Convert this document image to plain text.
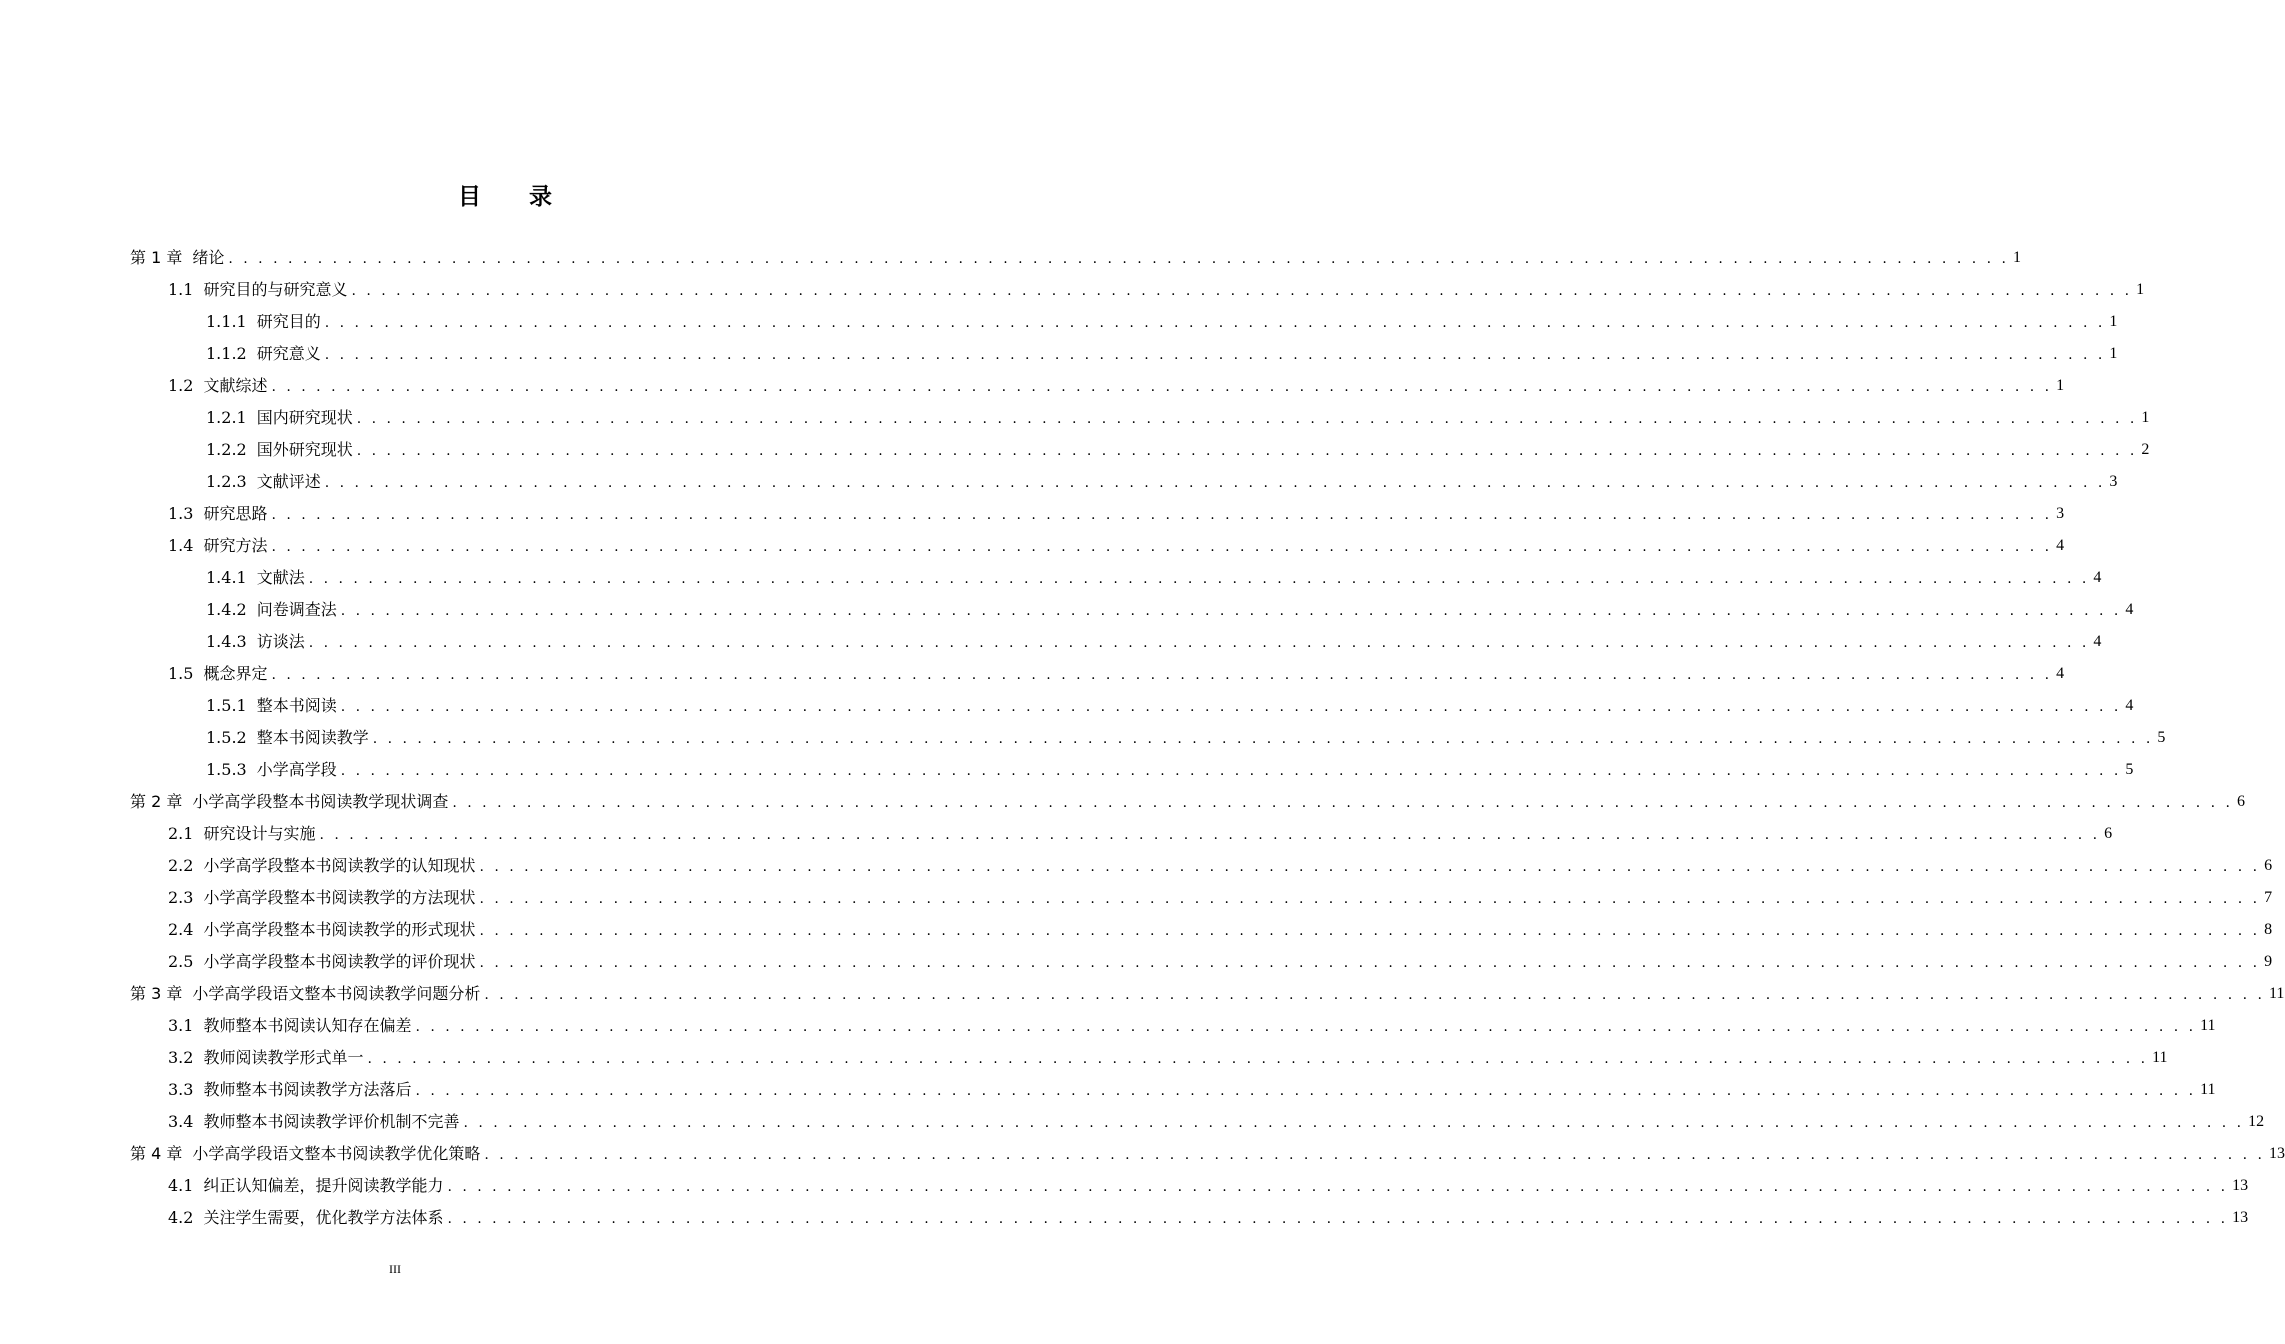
目 录
第 1 章 绪论 . . . . . . . . . . . . . . . . . . . . . . . . . . . . . . . . . . . . . . . . . . . . . . . . . . . . . . . . . . . . . . . . . . . . . . . . . . . . . . . . . . . . . . . . . . . . . . . . . . . . . . . . . . . . . . . . . . . . . . . . 1
1.1 研究目的与研究意义 . . . . . . . . . . . . . . . . . . . . . . . . . . . . . . . . . . . . . . . . . . . . . . . . . . . . . . . . . . . . . . . . . . . . . . . . . . . . . . . . . . . . . . . . . . . . . . . . . . . . . . . . . . . . . . . . . . . . . . . . 1
1.1.1 研究目的 . . . . . . . . . . . . . . . . . . . . . . . . . . . . . . . . . . . . . . . . . . . . . . . . . . . . . . . . . . . . . . . . . . . . . . . . . . . . . . . . . . . . . . . . . . . . . . . . . . . . . . . . . . . . . . . . . . . . . . . . 1
1.1.2 研究意义 . . . . . . . . . . . . . . . . . . . . . . . . . . . . . . . . . . . . . . . . . . . . . . . . . . . . . . . . . . . . . . . . . . . . . . . . . . . . . . . . . . . . . . . . . . . . . . . . . . . . . . . . . . . . . . . . . . . . . . . . 1
1.2 文献综述 . . . . . . . . . . . . . . . . . . . . . . . . . . . . . . . . . . . . . . . . . . . . . . . . . . . . . . . . . . . . . . . . . . . . . . . . . . . . . . . . . . . . . . . . . . . . . . . . . . . . . . . . . . . . . . . . . . . . . . . . 1
1.2.1 国内研究现状 . . . . . . . . . . . . . . . . . . . . . . . . . . . . . . . . . . . . . . . . . . . . . . . . . . . . . . . . . . . . . . . . . . . . . . . . . . . . . . . . . . . . . . . . . . . . . . . . . . . . . . . . . . . . . . . . . . . . . . . . 1
1.2.2 国外研究现状 . . . . . . . . . . . . . . . . . . . . . . . . . . . . . . . . . . . . . . . . . . . . . . . . . . . . . . . . . . . . . . . . . . . . . . . . . . . . . . . . . . . . . . . . . . . . . . . . . . . . . . . . . . . . . . . . . . . . . . . . 2
1.2.3 文献评述 . . . . . . . . . . . . . . . . . . . . . . . . . . . . . . . . . . . . . . . . . . . . . . . . . . . . . . . . . . . . . . . . . . . . . . . . . . . . . . . . . . . . . . . . . . . . . . . . . . . . . . . . . . . . . . . . . . . . . . . . 3
1.3 研究思路 . . . . . . . . . . . . . . . . . . . . . . . . . . . . . . . . . . . . . . . . . . . . . . . . . . . . . . . . . . . . . . . . . . . . . . . . . . . . . . . . . . . . . . . . . . . . . . . . . . . . . . . . . . . . . . . . . . . . . . . . 3
1.4 研究方法 . . . . . . . . . . . . . . . . . . . . . . . . . . . . . . . . . . . . . . . . . . . . . . . . . . . . . . . . . . . . . . . . . . . . . . . . . . . . . . . . . . . . . . . . . . . . . . . . . . . . . . . . . . . . . . . . . . . . . . . . 4
1.4.1 文献法 . . . . . . . . . . . . . . . . . . . . . . . . . . . . . . . . . . . . . . . . . . . . . . . . . . . . . . . . . . . . . . . . . . . . . . . . . . . . . . . . . . . . . . . . . . . . . . . . . . . . . . . . . . . . . . . . . . . . . . . . 4
1.4.2 问卷调查法 . . . . . . . . . . . . . . . . . . . . . . . . . . . . . . . . . . . . . . . . . . . . . . . . . . . . . . . . . . . . . . . . . . . . . . . . . . . . . . . . . . . . . . . . . . . . . . . . . . . . . . . . . . . . . . . . . . . . . . . . 4
1.4.3 访谈法 . . . . . . . . . . . . . . . . . . . . . . . . . . . . . . . . . . . . . . . . . . . . . . . . . . . . . . . . . . . . . . . . . . . . . . . . . . . . . . . . . . . . . . . . . . . . . . . . . . . . . . . . . . . . . . . . . . . . . . . . 4
1.5 概念界定 . . . . . . . . . . . . . . . . . . . . . . . . . . . . . . . . . . . . . . . . . . . . . . . . . . . . . . . . . . . . . . . . . . . . . . . . . . . . . . . . . . . . . . . . . . . . . . . . . . . . . . . . . . . . . . . . . . . . . . . . 4
1.5.1 整本书阅读 . . . . . . . . . . . . . . . . . . . . . . . . . . . . . . . . . . . . . . . . . . . . . . . . . . . . . . . . . . . . . . . . . . . . . . . . . . . . . . . . . . . . . . . . . . . . . . . . . . . . . . . . . . . . . . . . . . . . . . . . 4
1.5.2 整本书阅读教学 . . . . . . . . . . . . . . . . . . . . . . . . . . . . . . . . . . . . . . . . . . . . . . . . . . . . . . . . . . . . . . . . . . . . . . . . . . . . . . . . . . . . . . . . . . . . . . . . . . . . . . . . . . . . . . . . . . . . . . . . 5
1.5.3 小学高学段 . . . . . . . . . . . . . . . . . . . . . . . . . . . . . . . . . . . . . . . . . . . . . . . . . . . . . . . . . . . . . . . . . . . . . . . . . . . . . . . . . . . . . . . . . . . . . . . . . . . . . . . . . . . . . . . . . . . . . . . . 5
第 2 章 小学高学段整本书阅读教学现状调查 . . . . . . . . . . . . . . . . . . . . . . . . . . . . . . . . . . . . . . . . . . . . . . . . . . . . . . . . . . . . . . . . . . . . . . . . . . . . . . . . . . . . . . . . . . . . . . . . . . . . . . . . . . . . . . . . . . . . . . . . 6
2.1 研究设计与实施 . . . . . . . . . . . . . . . . . . . . . . . . . . . . . . . . . . . . . . . . . . . . . . . . . . . . . . . . . . . . . . . . . . . . . . . . . . . . . . . . . . . . . . . . . . . . . . . . . . . . . . . . . . . . . . . . . . . . . . . . 6
2.2 小学高学段整本书阅读教学的认知现状 . . . . . . . . . . . . . . . . . . . . . . . . . . . . . . . . . . . . . . . . . . . . . . . . . . . . . . . . . . . . . . . . . . . . . . . . . . . . . . . . . . . . . . . . . . . . . . . . . . . . . . . . . . . . . . . . . . . . . . . . 6
2.3 小学高学段整本书阅读教学的方法现状 . . . . . . . . . . . . . . . . . . . . . . . . . . . . . . . . . . . . . . . . . . . . . . . . . . . . . . . . . . . . . . . . . . . . . . . . . . . . . . . . . . . . . . . . . . . . . . . . . . . . . . . . . . . . . . . . . . . . . . . . 7
2.4 小学高学段整本书阅读教学的形式现状 . . . . . . . . . . . . . . . . . . . . . . . . . . . . . . . . . . . . . . . . . . . . . . . . . . . . . . . . . . . . . . . . . . . . . . . . . . . . . . . . . . . . . . . . . . . . . . . . . . . . . . . . . . . . . . . . . . . . . . . . 8
2.5 小学高学段整本书阅读教学的评价现状 . . . . . . . . . . . . . . . . . . . . . . . . . . . . . . . . . . . . . . . . . . . . . . . . . . . . . . . . . . . . . . . . . . . . . . . . . . . . . . . . . . . . . . . . . . . . . . . . . . . . . . . . . . . . . . . . . . . . . . . . 9
第 3 章 小学高学段语文整本书阅读教学问题分析 . . . . . . . . . . . . . . . . . . . . . . . . . . . . . . . . . . . . . . . . . . . . . . . . . . . . . . . . . . . . . . . . . . . . . . . . . . . . . . . . . . . . . . . . . . . . . . . . . . . . . . . . . . . . . . . . . . . . . . . . 11
3.1 教师整本书阅读认知存在偏差 . . . . . . . . . . . . . . . . . . . . . . . . . . . . . . . . . . . . . . . . . . . . . . . . . . . . . . . . . . . . . . . . . . . . . . . . . . . . . . . . . . . . . . . . . . . . . . . . . . . . . . . . . . . . . . . . . . . . . . . . 11
3.2 教师阅读教学形式单一 . . . . . . . . . . . . . . . . . . . . . . . . . . . . . . . . . . . . . . . . . . . . . . . . . . . . . . . . . . . . . . . . . . . . . . . . . . . . . . . . . . . . . . . . . . . . . . . . . . . . . . . . . . . . . . . . . . . . . . . . 11
3.3 教师整本书阅读教学方法落后 . . . . . . . . . . . . . . . . . . . . . . . . . . . . . . . . . . . . . . . . . . . . . . . . . . . . . . . . . . . . . . . . . . . . . . . . . . . . . . . . . . . . . . . . . . . . . . . . . . . . . . . . . . . . . . . . . . . . . . . . 11
3.4 教师整本书阅读教学评价机制不完善 . . . . . . . . . . . . . . . . . . . . . . . . . . . . . . . . . . . . . . . . . . . . . . . . . . . . . . . . . . . . . . . . . . . . . . . . . . . . . . . . . . . . . . . . . . . . . . . . . . . . . . . . . . . . . . . . . . . . . . . . 12
第 4 章 小学高学段语文整本书阅读教学优化策略 . . . . . . . . . . . . . . . . . . . . . . . . . . . . . . . . . . . . . . . . . . . . . . . . . . . . . . . . . . . . . . . . . . . . . . . . . . . . . . . . . . . . . . . . . . . . . . . . . . . . . . . . . . . . . . . . . . . . . . . . 13
4.1 纠正认知偏差，提升阅读教学能力 . . . . . . . . . . . . . . . . . . . . . . . . . . . . . . . . . . . . . . . . . . . . . . . . . . . . . . . . . . . . . . . . . . . . . . . . . . . . . . . . . . . . . . . . . . . . . . . . . . . . . . . . . . . . . . . . . . . . . . . . 13
4.2 关注学生需要，优化教学方法体系 . . . . . . . . . . . . . . . . . . . . . . . . . . . . . . . . . . . . . . . . . . . . . . . . . . . . . . . . . . . . . . . . . . . . . . . . . . . . . . . . . . . . . . . . . . . . . . . . . . . . . . . . . . . . . . . . . . . . . . . . 13
III
